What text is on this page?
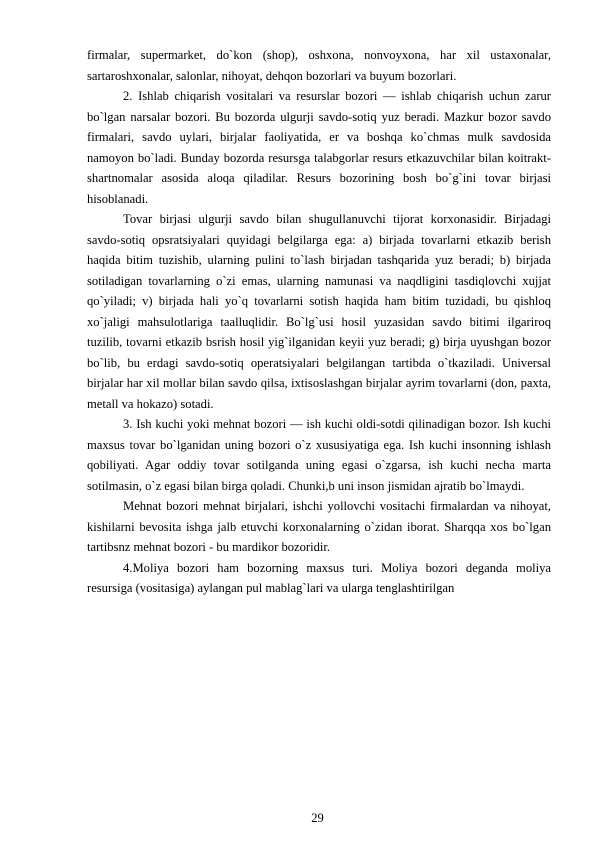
firmalar, supermarket, do`kon (shop), oshxona, nonvoyxona, har xil ustaxonalar, sartaroshxonalar, salonlar, nihoyat, dehqon bozorlari va buyum bozorlari.

2. Ishlab chiqarish vositalari va resurslar bozori — ishlab chiqarish uchun zarur bo`lgan narsalar bozori. Bu bozorda ulgurji savdo-sotiq yuz beradi. Mazkur bozor savdo firmalari, savdo uylari, birjalar faoliyatida, er va boshqa ko`chmas mulk savdosida namoyon bo`ladi. Bunday bozorda resursga talabgorlar resurs etkazuvchilar bilan koitrakt-shartnomalar asosida aloqa qiladilar. Resurs bozorining bosh bo`g`ini tovar birjasi hisoblanadi.

Tovar birjasi ulgurji savdo bilan shugullanuvchi tijorat korxonasidir. Birjadagi savdo-sotiq opsratsiyalari quyidagi belgilarga ega: a) birjada tovarlarni etkazib berish haqida bitim tuzishib, ularning pulini to`lash birjadan tashqarida yuz beradi; b) birjada sotiladigan tovarlarning o`zi emas, ularning namunasi va naqdligini tasdiqlovchi xujjat qo`yiladi; v) birjada hali yo`q tovarlarni sotish haqida ham bitim tuzidadi, bu qishloq xo`jaligi mahsulotlariga taalluqlidir. Bo`lg`usi hosil yuzasidan savdo bitimi ilgariroq tuzilib, tovarni etkazib bsrish hosil yig`ilganidan keyii yuz beradi; g) birja uyushgan bozor bo`lib, bu erdagi savdo-sotiq operatsiyalari belgilangan tartibda o`tkaziladi. Universal birjalar har xil mollar bilan savdo qilsa, ixtisoslashgan birjalar ayrim tovarlarni (don, paxta, metall va hokazo) sotadi.

3. Ish kuchi yoki mehnat bozori — ish kuchi oldi-sotdi qilinadigan bozor. Ish kuchi maxsus tovar bo`lganidan uning bozori o`z xususiyatiga ega. Ish kuchi insonning ishlash qobiliyati. Agar oddiy tovar sotilganda uning egasi o`zgarsa, ish kuchi necha marta sotilmasin, o`z egasi bilan birga qoladi. Chunki,b uni inson jismidan ajratib bo`lmaydi.

Mehnat bozori mehnat birjalari, ishchi yollovchi vositachi firmalardan va nihoyat, kishilarni bevosita ishga jalb etuvchi korxonalarning o`zidan iborat. Sharqqa xos bo`lgan tartibsnz mehnat bozori - bu mardikor bozoridir.

4.Moliya bozori ham bozorning maxsus turi. Moliya bozori deganda moliya resursiga (vositasiga) aylangan pul mablag`lari va ularga tenglashtirilgan

29
